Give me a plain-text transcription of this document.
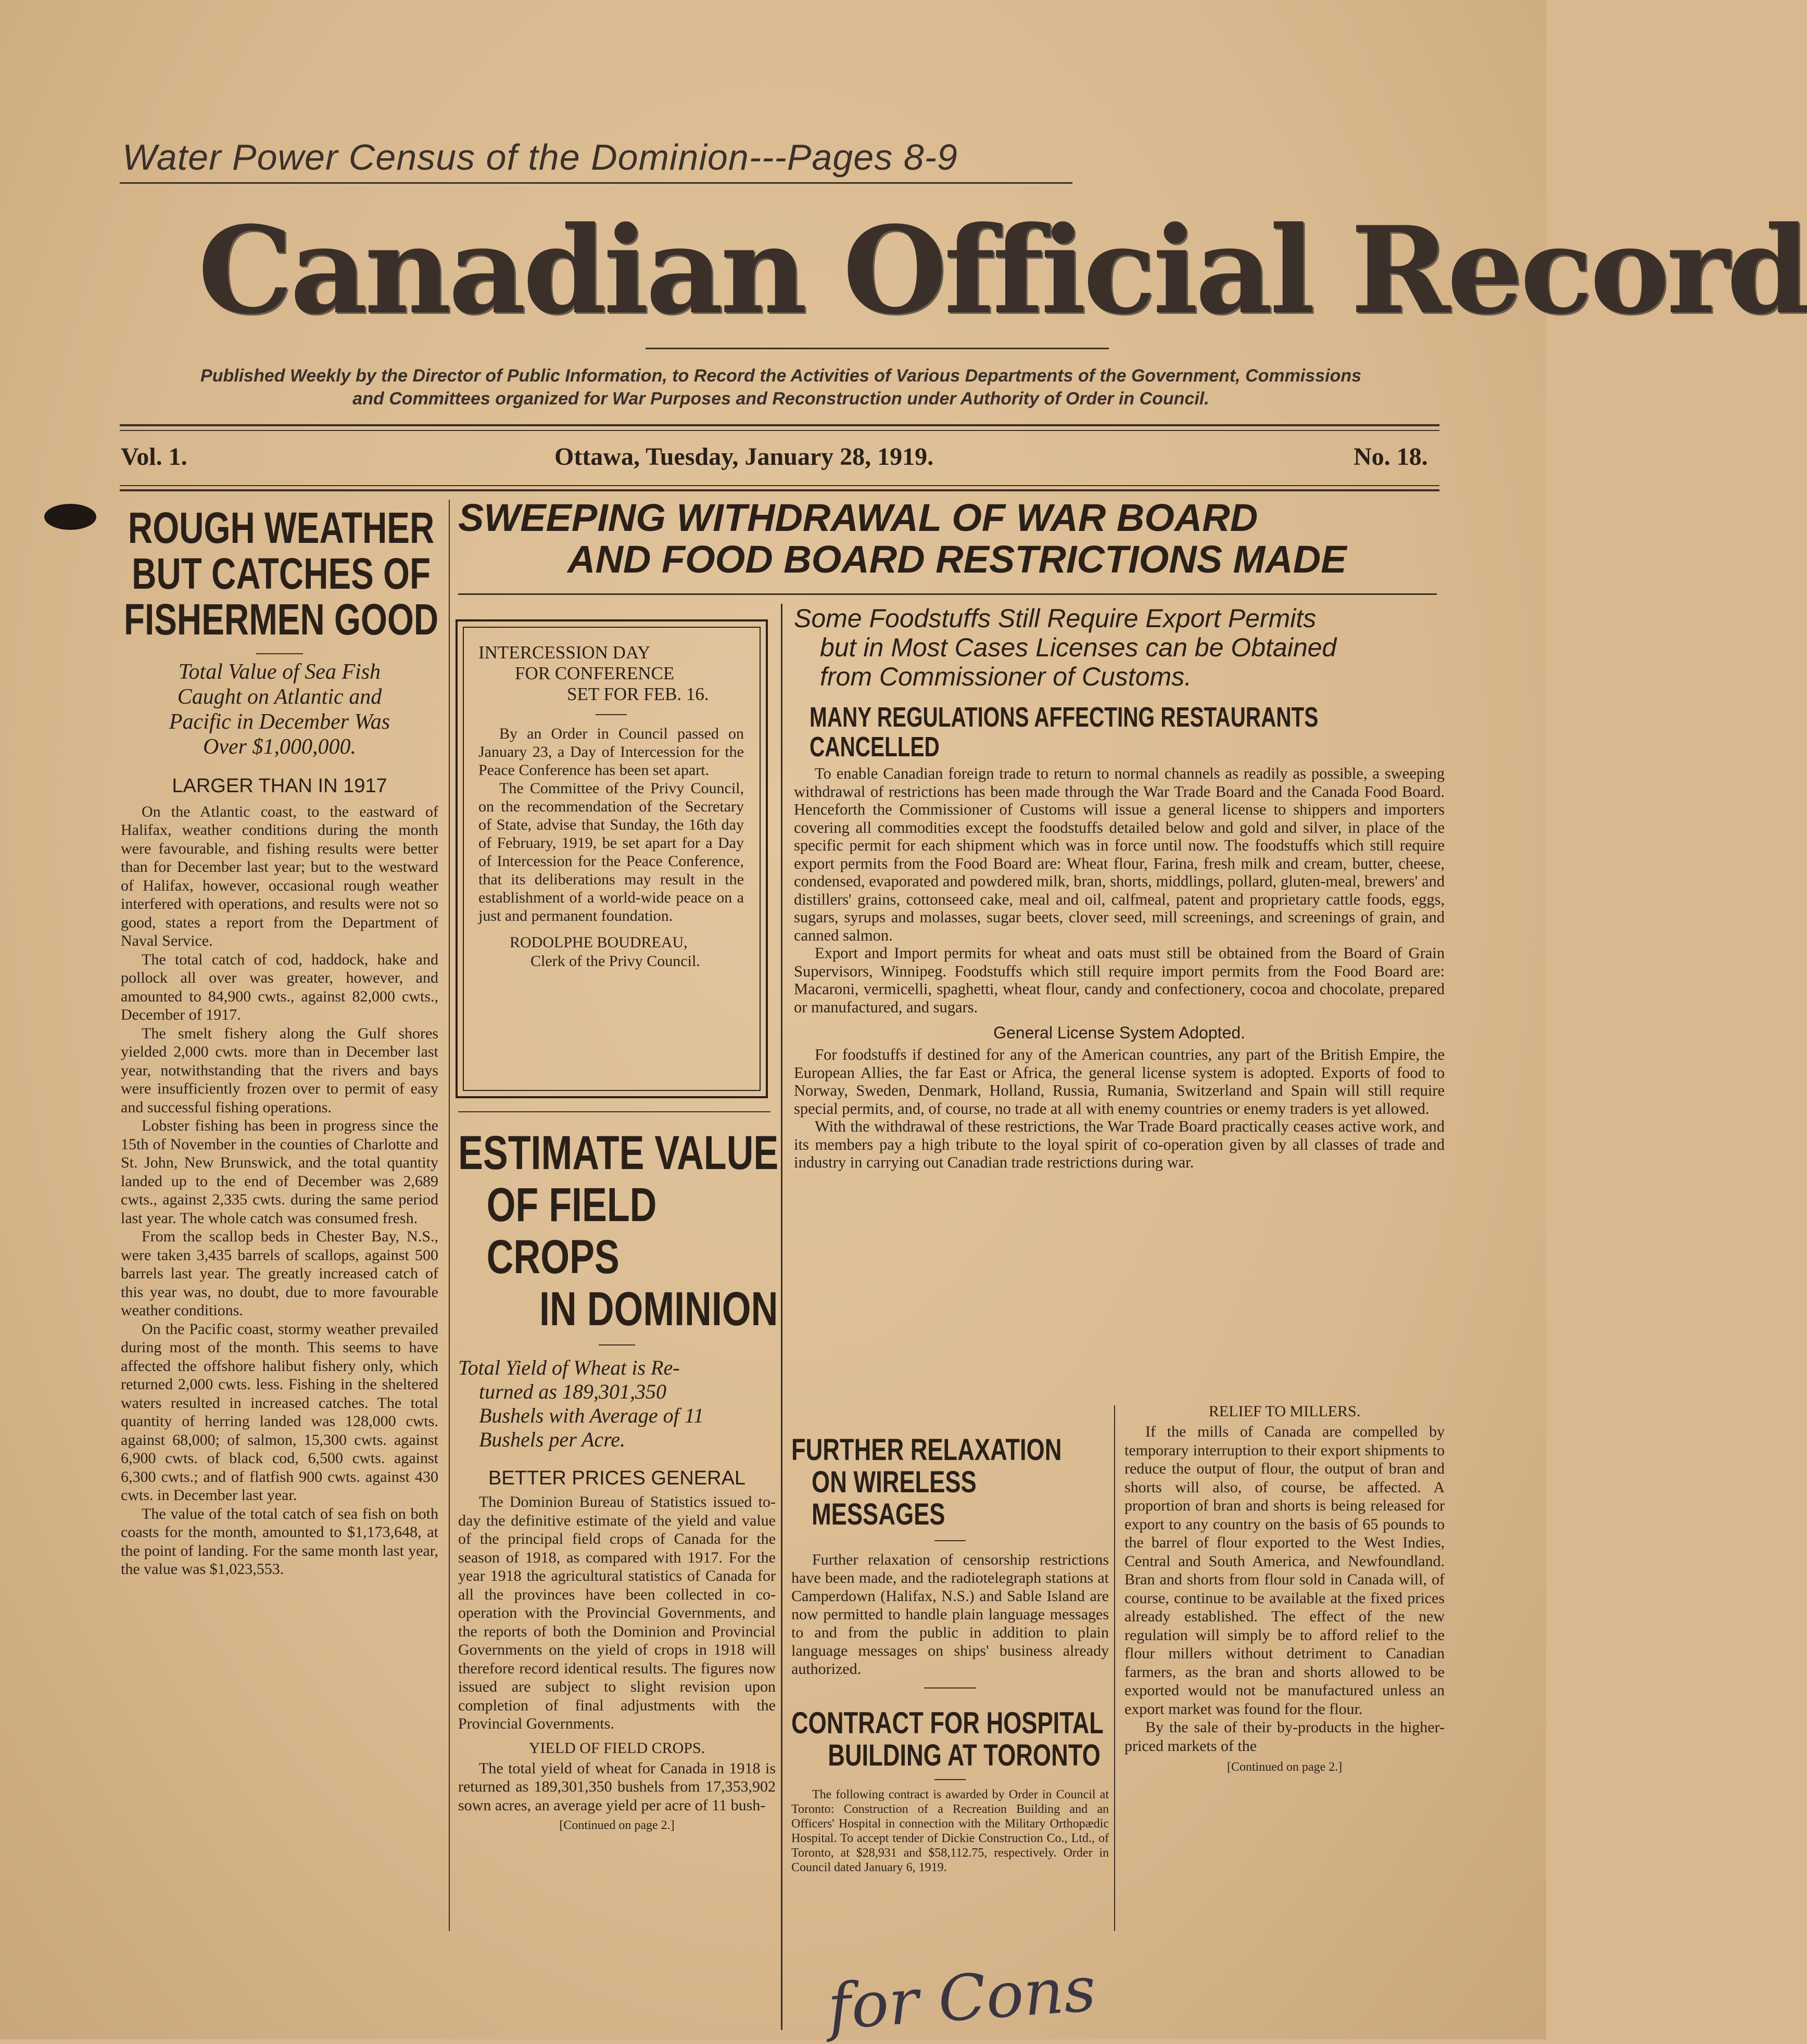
Water Power Census of the Dominion---Pages 8-9
Canadian Official Record
Published Weekly by the Director of Public Information, to Record the Activities of Various Departments of the Government, Commissions
and Committees organized for War Purposes and Reconstruction under Authority of Order in Council.
Vol. 1.	Ottawa, Tuesday, January 28, 1919.	No. 18.
ROUGH WEATHER
BUT CATCHES OF
FISHERMEN GOOD
Total Value of Sea Fish
Caught on Atlantic and
Pacific in December Was
Over $1,000,000.
LARGER THAN IN 1917

On the Atlantic coast, to the eastward of Halifax, weather conditions during the month were favourable, and fishing results were better than for December last year; but to the westward of Halifax, however, occasional rough weather interfered with operations, and results were not so good, states a report from the Department of Naval Service.

The total catch of cod, haddock, hake and pollock all over was greater, however, and amounted to 84,900 cwts., against 82,000 cwts., December of 1917.

The smelt fishery along the Gulf shores yielded 2,000 cwts. more than in December last year, notwithstanding that the rivers and bays were insufficiently frozen over to permit of easy and successful fishing operations.

Lobster fishing has been in progress since the 15th of November in the counties of Charlotte and St. John, New Brunswick, and the total quantity landed up to the end of December was 2,689 cwts., against 2,335 cwts. during the same period last year. The whole catch was consumed fresh.

From the scallop beds in Chester Bay, N.S., were taken 3,435 barrels of scallops, against 500 barrels last year. The greatly increased catch of this year was, no doubt, due to more favourable weather conditions.

On the Pacific coast, stormy weather prevailed during most of the month. This seems to have affected the offshore halibut fishery only, which returned 2,000 cwts. less. Fishing in the sheltered waters resulted in increased catches. The total quantity of herring landed was 128,000 cwts. against 68,000; of salmon, 15,300 cwts. against 6,900 cwts. of black cod, 6,500 cwts. against 6,300 cwts.; and of flatfish 900 cwts. against 430 cwts. in December last year.

The value of the total catch of sea fish on both coasts for the month, amounted to $1,173,648, at the point of landing. For the same month last year, the value was $1,023,553.

SWEEPING WITHDRAWAL OF WAR BOARD
AND FOOD BOARD RESTRICTIONS MADE
INTERCESSION DAY
FOR CONFERENCE
SET FOR FEB. 16.

By an Order in Council passed on January 23, a Day of Intercession for the Peace Conference has been set apart.

The Committee of the Privy Council, on the recommendation of the Secretary of State, advise that Sunday, the 16th day of February, 1919, be set apart for a Day of Intercession for the Peace Conference, that its deliberations may result in the establishment of a world-wide peace on a just and permanent foundation.

RODOLPHE BOUDREAU,
Clerk of the Privy Council.
ESTIMATE VALUE
OF FIELD CROPS
IN DOMINION
Total Yield of Wheat is Re-
turned as 189,301,350
Bushels with Average of 11
Bushels per Acre.
BETTER PRICES GENERAL

The Dominion Bureau of Statistics issued to-day the definitive estimate of the yield and value of the principal field crops of Canada for the season of 1918, as compared with 1917. For the year 1918 the agricultural statistics of Canada for all the provinces have been collected in co-operation with the Provincial Governments, and the reports of both the Dominion and Provincial Governments on the yield of crops in 1918 will therefore record identical results. The figures now issued are subject to slight revision upon completion of final adjustments with the Provincial Governments.

YIELD OF FIELD CROPS.

The total yield of wheat for Canada in 1918 is returned as 189,301,350 bushels from 17,353,902 sown acres, an average yield per acre of 11 bush-

[Continued on page 2.]
Some Foodstuffs Still Require Export Permits
but in Most Cases Licenses can be Obtained
from Commissioner of Customs.
MANY REGULATIONS AFFECTING RESTAURANTS CANCELLED

To enable Canadian foreign trade to return to normal channels as readily as possible, a sweeping withdrawal of restrictions has been made through the War Trade Board and the Canada Food Board. Henceforth the Commissioner of Customs will issue a general license to shippers and importers covering all commodities except the foodstuffs detailed below and gold and silver, in place of the specific permit for each shipment which was in force until now. The foodstuffs which still require export permits from the Food Board are: Wheat flour, Farina, fresh milk and cream, butter, cheese, condensed, evaporated and powdered milk, bran, shorts, middlings, pollard, gluten-meal, brewers' and distillers' grains, cottonseed cake, meal and oil, calfmeal, patent and proprietary cattle foods, eggs, sugars, syrups and molasses, sugar beets, clover seed, mill screenings, and screenings of grain, and canned salmon.

Export and Import permits for wheat and oats must still be obtained from the Board of Grain Supervisors, Winnipeg. Foodstuffs which still require import permits from the Food Board are: Macaroni, vermicelli, spaghetti, wheat flour, candy and confectionery, cocoa and chocolate, prepared or manufactured, and sugars.

General License System Adopted.

For foodstuffs if destined for any of the American countries, any part of the British Empire, the European Allies, the far East or Africa, the general license system is adopted. Exports of food to Norway, Sweden, Denmark, Holland, Russia, Rumania, Switzerland and Spain will still require special permits, and, of course, no trade at all with enemy countries or enemy traders is yet allowed.

With the withdrawal of these restrictions, the War Trade Board practically ceases active work, and its members pay a high tribute to the loyal spirit of co-operation given by all classes of trade and industry in carrying out Canadian trade restrictions during war.

FURTHER RELAXATION
ON WIRELESS MESSAGES

Further relaxation of censorship restrictions have been made, and the radiotelegraph stations at Camperdown (Halifax, N.S.) and Sable Island are now permitted to handle plain language messages to and from the public in addition to plain language messages on ships' business already authorized.

CONTRACT FOR HOSPITAL
BUILDING AT TORONTO

The following contract is awarded by Order in Council at Toronto: Construction of a Recreation Building and an Officers' Hospital in connection with the Military Orthopædic Hospital. To accept tender of Dickie Construction Co., Ltd., of Toronto, at $28,931 and $58,112.75, respectively. Order in Council dated January 6, 1919.

RELIEF TO MILLERS.

If the mills of Canada are compelled by temporary interruption to their export shipments to reduce the output of flour, the output of bran and shorts will also, of course, be affected. A proportion of bran and shorts is being released for export to any country on the basis of 65 pounds to the barrel of flour exported to the West Indies, Central and South America, and Newfoundland. Bran and shorts from flour sold in Canada will, of course, continue to be available at the fixed prices already established. The effect of the new regulation will simply be to afford relief to the flour millers without detriment to Canadian farmers, as the bran and shorts allowed to be exported would not be manufactured unless an export market was found for the flour.

By the sale of their by-products in the higher-priced markets of the

[Continued on page 2.]
for Cons
